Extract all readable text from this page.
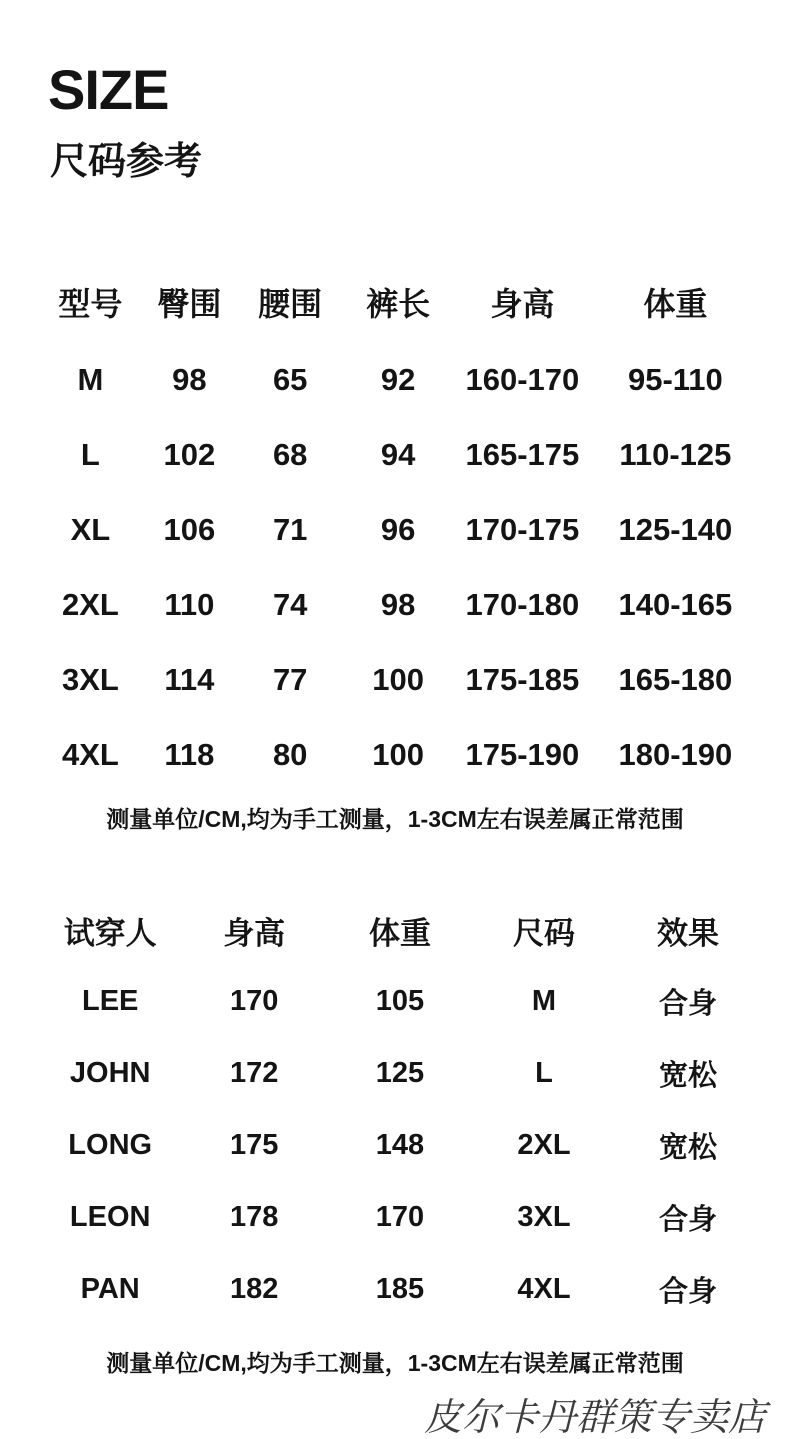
SIZE
尺码参考
型号	臀围	腰围	裤长	身高	体重
M	98	65	92	160-170	95-110
L	102	68	94	165-175	110-125
XL	106	71	96	170-175	125-140
2XL	110	74	98	170-180	140-165
3XL	114	77	100	175-185	165-180
4XL	118	80	100	175-190	180-190
测量单位/CM,均为手工测量，1-3CM左右误差属正常范围
试穿人	身高	体重	尺码	效果
LEE	170	105	M	合身
JOHN	172	125	L	宽松
LONG	175	148	2XL	宽松
LEON	178	170	3XL	合身
PAN	182	185	4XL	合身
测量单位/CM,均为手工测量，1-3CM左右误差属正常范围
皮尔卡丹群策专卖店
